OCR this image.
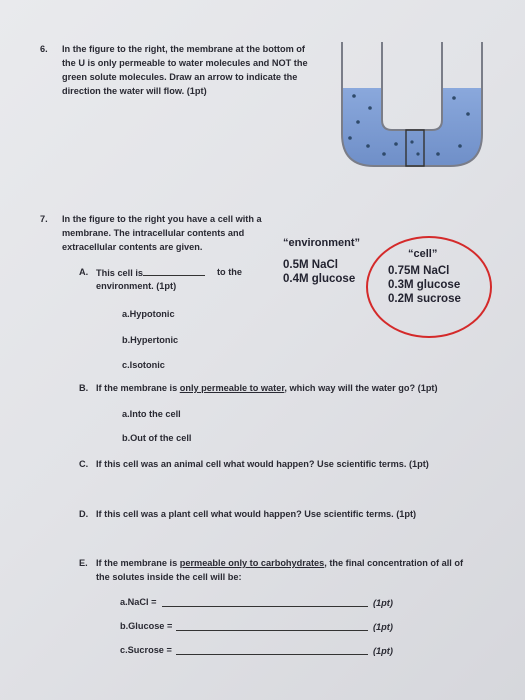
6. In the figure to the right, the membrane at the bottom of
the U is only permeable to water molecules and NOT the
green solute molecules. Draw an arrow to indicate the
direction the water will flow. (1pt)
7. In the figure to the right you have a cell with a
membrane. The intracellular contents and
extracellular contents are given.	“environment”
0.5M NaCl
0.4M glucose
“cell”
0.75M NaCl
0.3M glucose
0.2M sucrose
A. This cell is	to the
environment. (1pt)
a.Hypotonic
b.Hypertonic
c.Isotonic
B. If the membrane is only permeable to water, which way will the water go? (1pt)
a.Into the cell
b.Out of the cell
C. If this cell was an animal cell what would happen? Use scientific terms. (1pt)
D. If this cell was a plant cell what would happen? Use scientific terms. (1pt)
E. If the membrane is permeable only to carbohydrates, the final concentration of all of
the solutes inside the cell will be:
a.NaCl =	(1pt)
b.Glucose =	(1pt)
c.Sucrose =	(1pt)
